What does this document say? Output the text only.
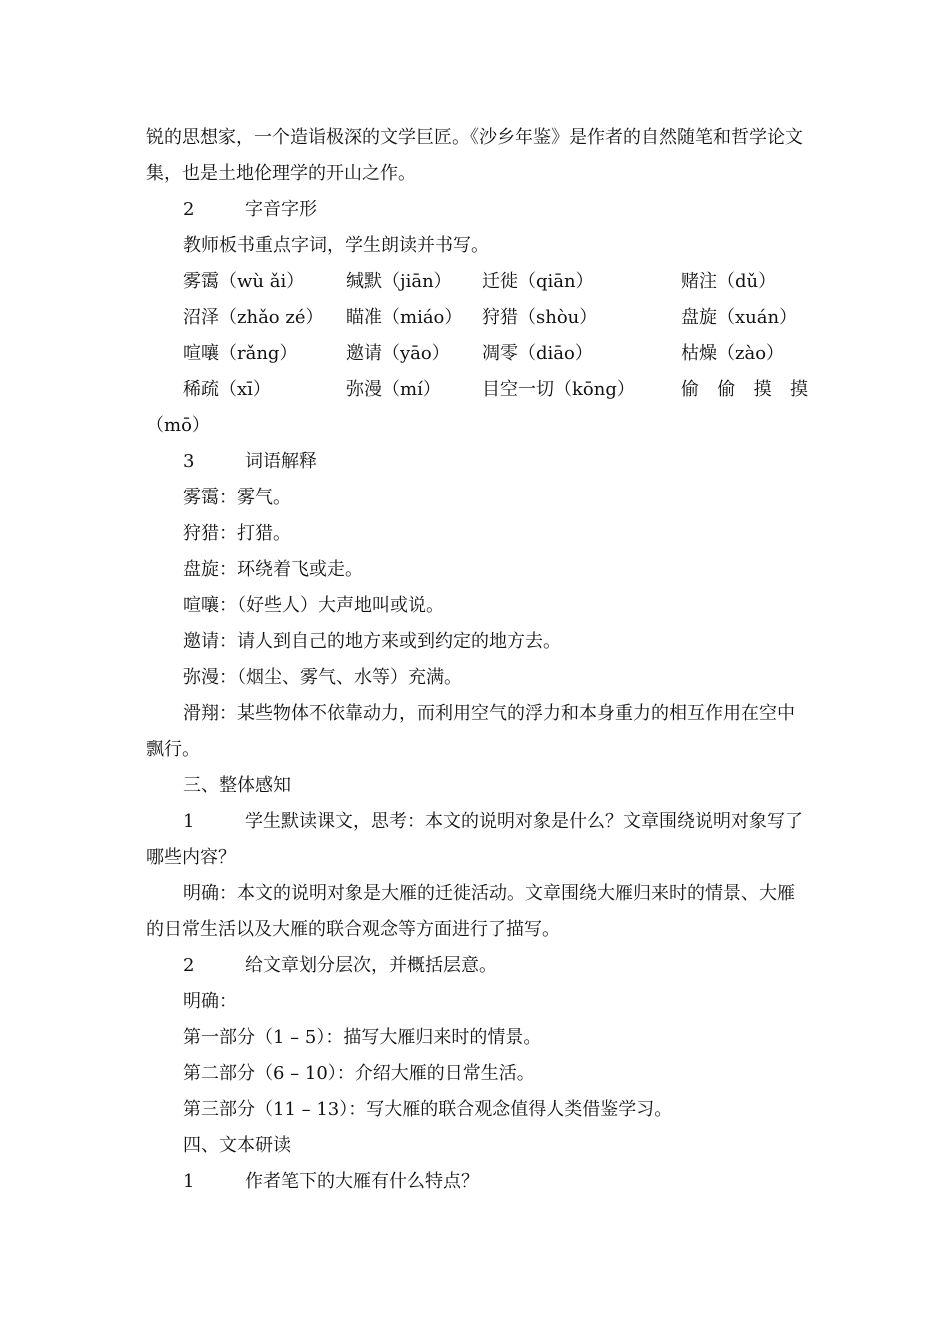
锐的思想家，一个造诣极深的文学巨匠。《沙乡年鉴》是作者的自然随笔和哲学论文集，也是土地伦理学的开山之作。

2	字音字形

教师板书重点字词，学生朗读并书写。

雾霭（wù ǎi） 缄默（jiān） 迁徙（qiān）	赌注（dǔ）
沼泽（zhǎo zé） 瞄准（miáo） 狩猎（shòu）	盘旋（xuán）
喧嚷（rǎng）	邀请（yāo） 凋零（diāo）	枯燥（zào）
稀疏（xī）	弥漫（mí） 目空一切（kōng）	偷 偷 摸 摸
（mō）

3	词语解释

雾霭：雾气。

狩猎：打猎。

盘旋：环绕着飞或走。

喧嚷：（好些人）大声地叫或说。

邀请：请人到自己的地方来或到约定的地方去。

弥漫：（烟尘、雾气、水等）充满。

滑翔：某些物体不依靠动力，而利用空气的浮力和本身重力的相互作用在空中飘行。

三、整体感知

1	学生默读课文，思考：本文的说明对象是什么？文章围绕说明对象写了哪些内容？

明确：本文的说明对象是大雁的迁徙活动。文章围绕大雁归来时的情景、大雁的日常生活以及大雁的联合观念等方面进行了描写。

2	给文章划分层次，并概括层意。

明确：

第一部分（1 – 5）：描写大雁归来时的情景。

第二部分（6 – 10）：介绍大雁的日常生活。

第三部分（11 – 13）：写大雁的联合观念值得人类借鉴学习。

四、文本研读

1	作者笔下的大雁有什么特点？
